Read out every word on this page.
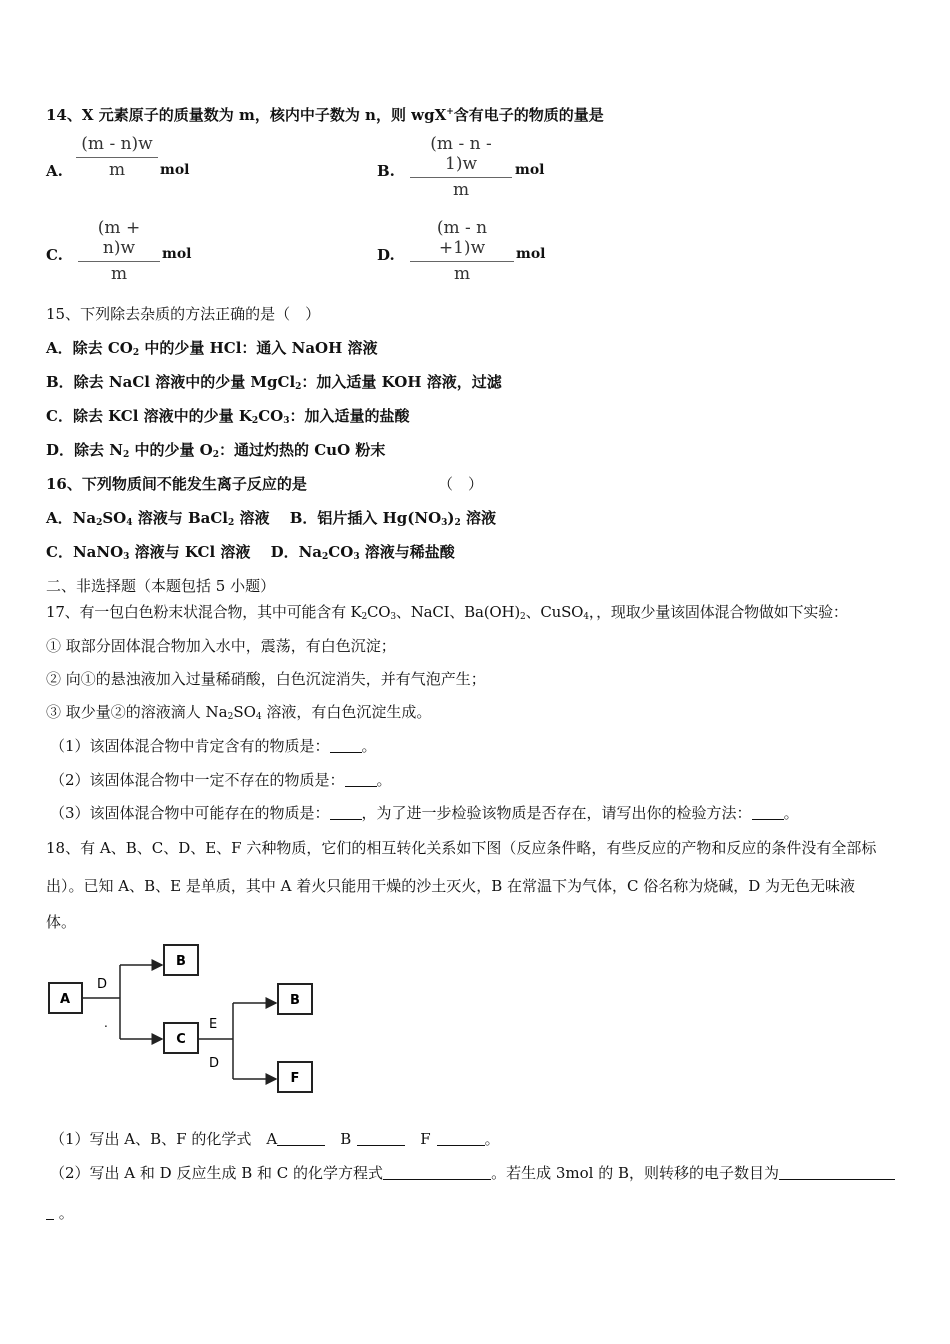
14、X 元素原子的质量数为 m，核内中子数为 n，则 wgX+含有电子的物质的量是
A. $\frac{(m - n)w}{m}$ mol	B. $\frac{(m - n - 1)w}{m}$ mol
C. $\frac{(m + n)w}{m}$ mol	D. $\frac{(m - n +1)w}{m}$ mol
15、下列除去杂质的方法正确的是（　）
A．除去 $CO_2$ 中的少量 HCl：通入 NaOH 溶液
B．除去 NaCl 溶液中的少量 MgCl$_2$：加入适量 KOH 溶液，过滤
C．除去 KCl 溶液中的少量 $K_2CO_3$：加入适量的盐酸
D．除去 $N_2$ 中的少量 $O_2$：通过灼热的 CuO 粉末
16、下列物质间不能发生离子反应的是	（　）
A．$Na_2SO_4$ 溶液与 BaCl$_2$ 溶液　 B．铝片插入 $Hg(NO_3)_2$ 溶液
C．NaNO$_3$ 溶液与 KCl 溶液　 D．$Na_2CO_3$ 溶液与稀盐酸
二、非选择题（本题包括 5 小题）
17、有一包白色粉末状混合物，其中可能含有 $K_2CO_3$、NaCI、$Ba(OH)_2$、CuSO$_4$，，现取少量该固体混合物做如下实验：
① 取部分固体混合物加入水中，震荡，有白色沉淀；
② 向①的悬浊液加入过量稀硝酸，白色沉淀消失，并有气泡产生；
③ 取少量②的溶液滴人 $Na_2SO_4$ 溶液，有白色沉淀生成。
（1）该固体混合物中肯定含有的物质是： 。
（2）该固体混合物中一定不存在的物质是： 。
（3）该固体混合物中可能存在的物质是： ，为了进一步检验该物质是否存在，请写出你的检验方法： 。
18、有 A、B、C、D、E、F 六种物质，它们的相互转化关系如下图（反应条件略，有些反应的产物和反应的条件没有全部标
出）。已知 A、B、E 是单质，其中 A 着火只能用干燥的沙土灭火，B 在常温下为气体，C 俗名称为烧碱，D 为无色无味液
体。
A
B
C
B
F
D
.	E
D
（1）写出 A、B、F 的化学式　A	　B	　F	。
（2）写出 A 和 D 反应生成 B 和 C 的化学方程式	。若生成 3mol 的 B，则转移的电子数目为
。
